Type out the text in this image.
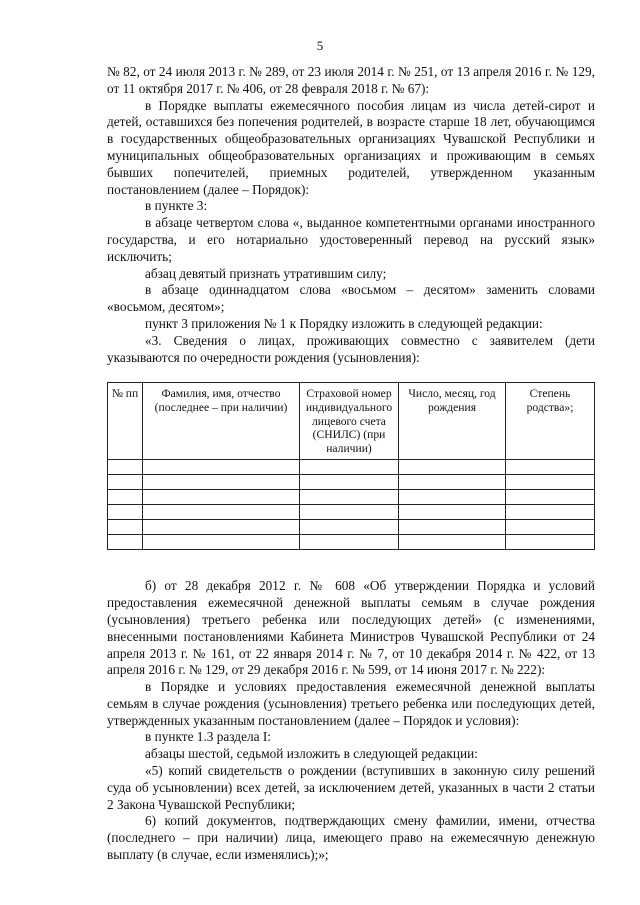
5

№ 82, от 24 июля 2013 г. № 289, от 23 июля 2014 г. № 251, от 13 апреля 2016 г. № 129, от 11 октября 2017 г. № 406, от 28 февраля 2018 г. № 67):

в Порядке выплаты ежемесячного пособия лицам из числа детей-сирот и детей, оставшихся без попечения родителей, в возрасте старше 18 лет, обучающимся в государственных общеобразовательных организациях Чувашской Республики и муниципальных общеобразовательных организациях и проживающим в семьях бывших попечителей, приемных родителей, утвержденном указанным постановлением (далее – Порядок):

в пункте 3:

в абзаце четвертом слова «, выданное компетентными органами иностранного государства, и его нотариально удостоверенный перевод на русский язык» исключить;

абзац девятый признать утратившим силу;

в абзаце одиннадцатом слова «восьмом – десятом» заменить словами «восьмом, десятом»;

пункт 3 приложения № 1 к Порядку изложить в следующей редакции:

«3. Сведения о лицах, проживающих совместно с заявителем (дети указываются по очередности рождения (усыновления):

№ пп	Фамилия, имя, отчество (последнее – при наличии)	Страховой номер индивидуального лицевого счета (СНИЛС) (при наличии)	Число, месяц, год рождения	Степень родства»;

б) от 28 декабря 2012 г. № 608 «Об утверждении Порядка и условий предоставления ежемесячной денежной выплаты семьям в случае рождения (усыновления) третьего ребенка или последующих детей» (с изменениями, внесенными постановлениями Кабинета Министров Чувашской Республики от 24 апреля 2013 г. № 161, от 22 января 2014 г. № 7, от 10 декабря 2014 г. № 422, от 13 апреля 2016 г. № 129, от 29 декабря 2016 г. № 599, от 14 июня 2017 г. № 222):

в Порядке и условиях предоставления ежемесячной денежной выплаты семьям в случае рождения (усыновления) третьего ребенка или последующих детей, утвержденных указанным постановлением (далее – Порядок и условия):

в пункте 1.3 раздела I:

абзацы шестой, седьмой изложить в следующей редакции:

«5) копий свидетельств о рождении (вступивших в законную силу решений суда об усыновлении) всех детей, за исключением детей, указанных в части 2 статьи 2 Закона Чувашской Республики;

6) копий документов, подтверждающих смену фамилии, имени, отчества (последнего – при наличии) лица, имеющего право на ежемесячную денежную выплату (в случае, если изменялись);»;
